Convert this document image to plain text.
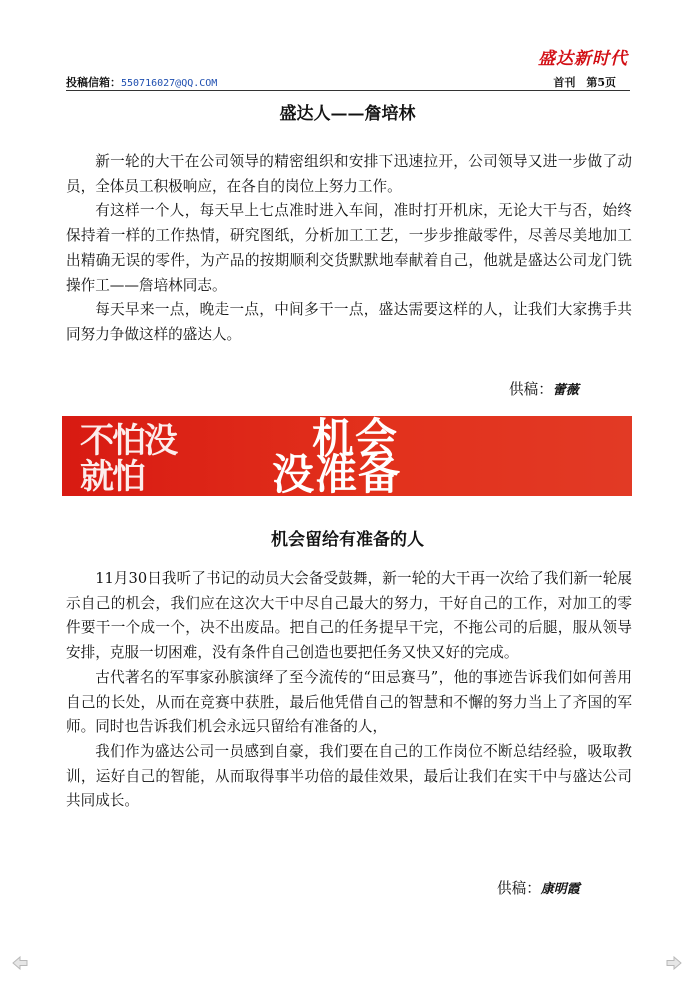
盛达新时代
投稿信箱：550716027@QQ.COM	首刊　第5页
盛达人——詹培林

新一轮的大干在公司领导的精密组织和安排下迅速拉开，公司领导又进一步做了动员，全体员工积极响应，在各自的岗位上努力工作。

有这样一个人，每天早上七点准时进入车间，准时打开机床，无论大干与否，始终保持着一样的工作热情，研究图纸，分析加工工艺，一步步推敲零件，尽善尽美地加工出精确无误的零件，为产品的按期顺利交货默默地奉献着自己，他就是盛达公司龙门铣操作工——詹培林同志。

每天早来一点，晚走一点，中间多干一点，盛达需要这样的人，让我们大家携手共同努力争做这样的盛达人。

供稿：蕾薇
不怕没	机会
就怕	没准备
机会留给有准备的人

11月30日我听了书记的动员大会备受鼓舞，新一轮的大干再一次给了我们新一轮展示自己的机会，我们应在这次大干中尽自己最大的努力，干好自己的工作，对加工的零件要干一个成一个，决不出废品。把自己的任务提早干完，不拖公司的后腿，服从领导安排，克服一切困难，没有条件自己创造也要把任务又快又好的完成。

古代著名的军事家孙膑演绎了至今流传的“田忌赛马”，他的事迹告诉我们如何善用自己的长处，从而在竞赛中获胜，最后他凭借自己的智慧和不懈的努力当上了齐国的军师。同时也告诉我们机会永远只留给有准备的人，

我们作为盛达公司一员感到自豪，我们要在自己的工作岗位不断总结经验，吸取教训，运好自己的智能，从而取得事半功倍的最佳效果，最后让我们在实干中与盛达公司共同成长。

供稿：康明霞
